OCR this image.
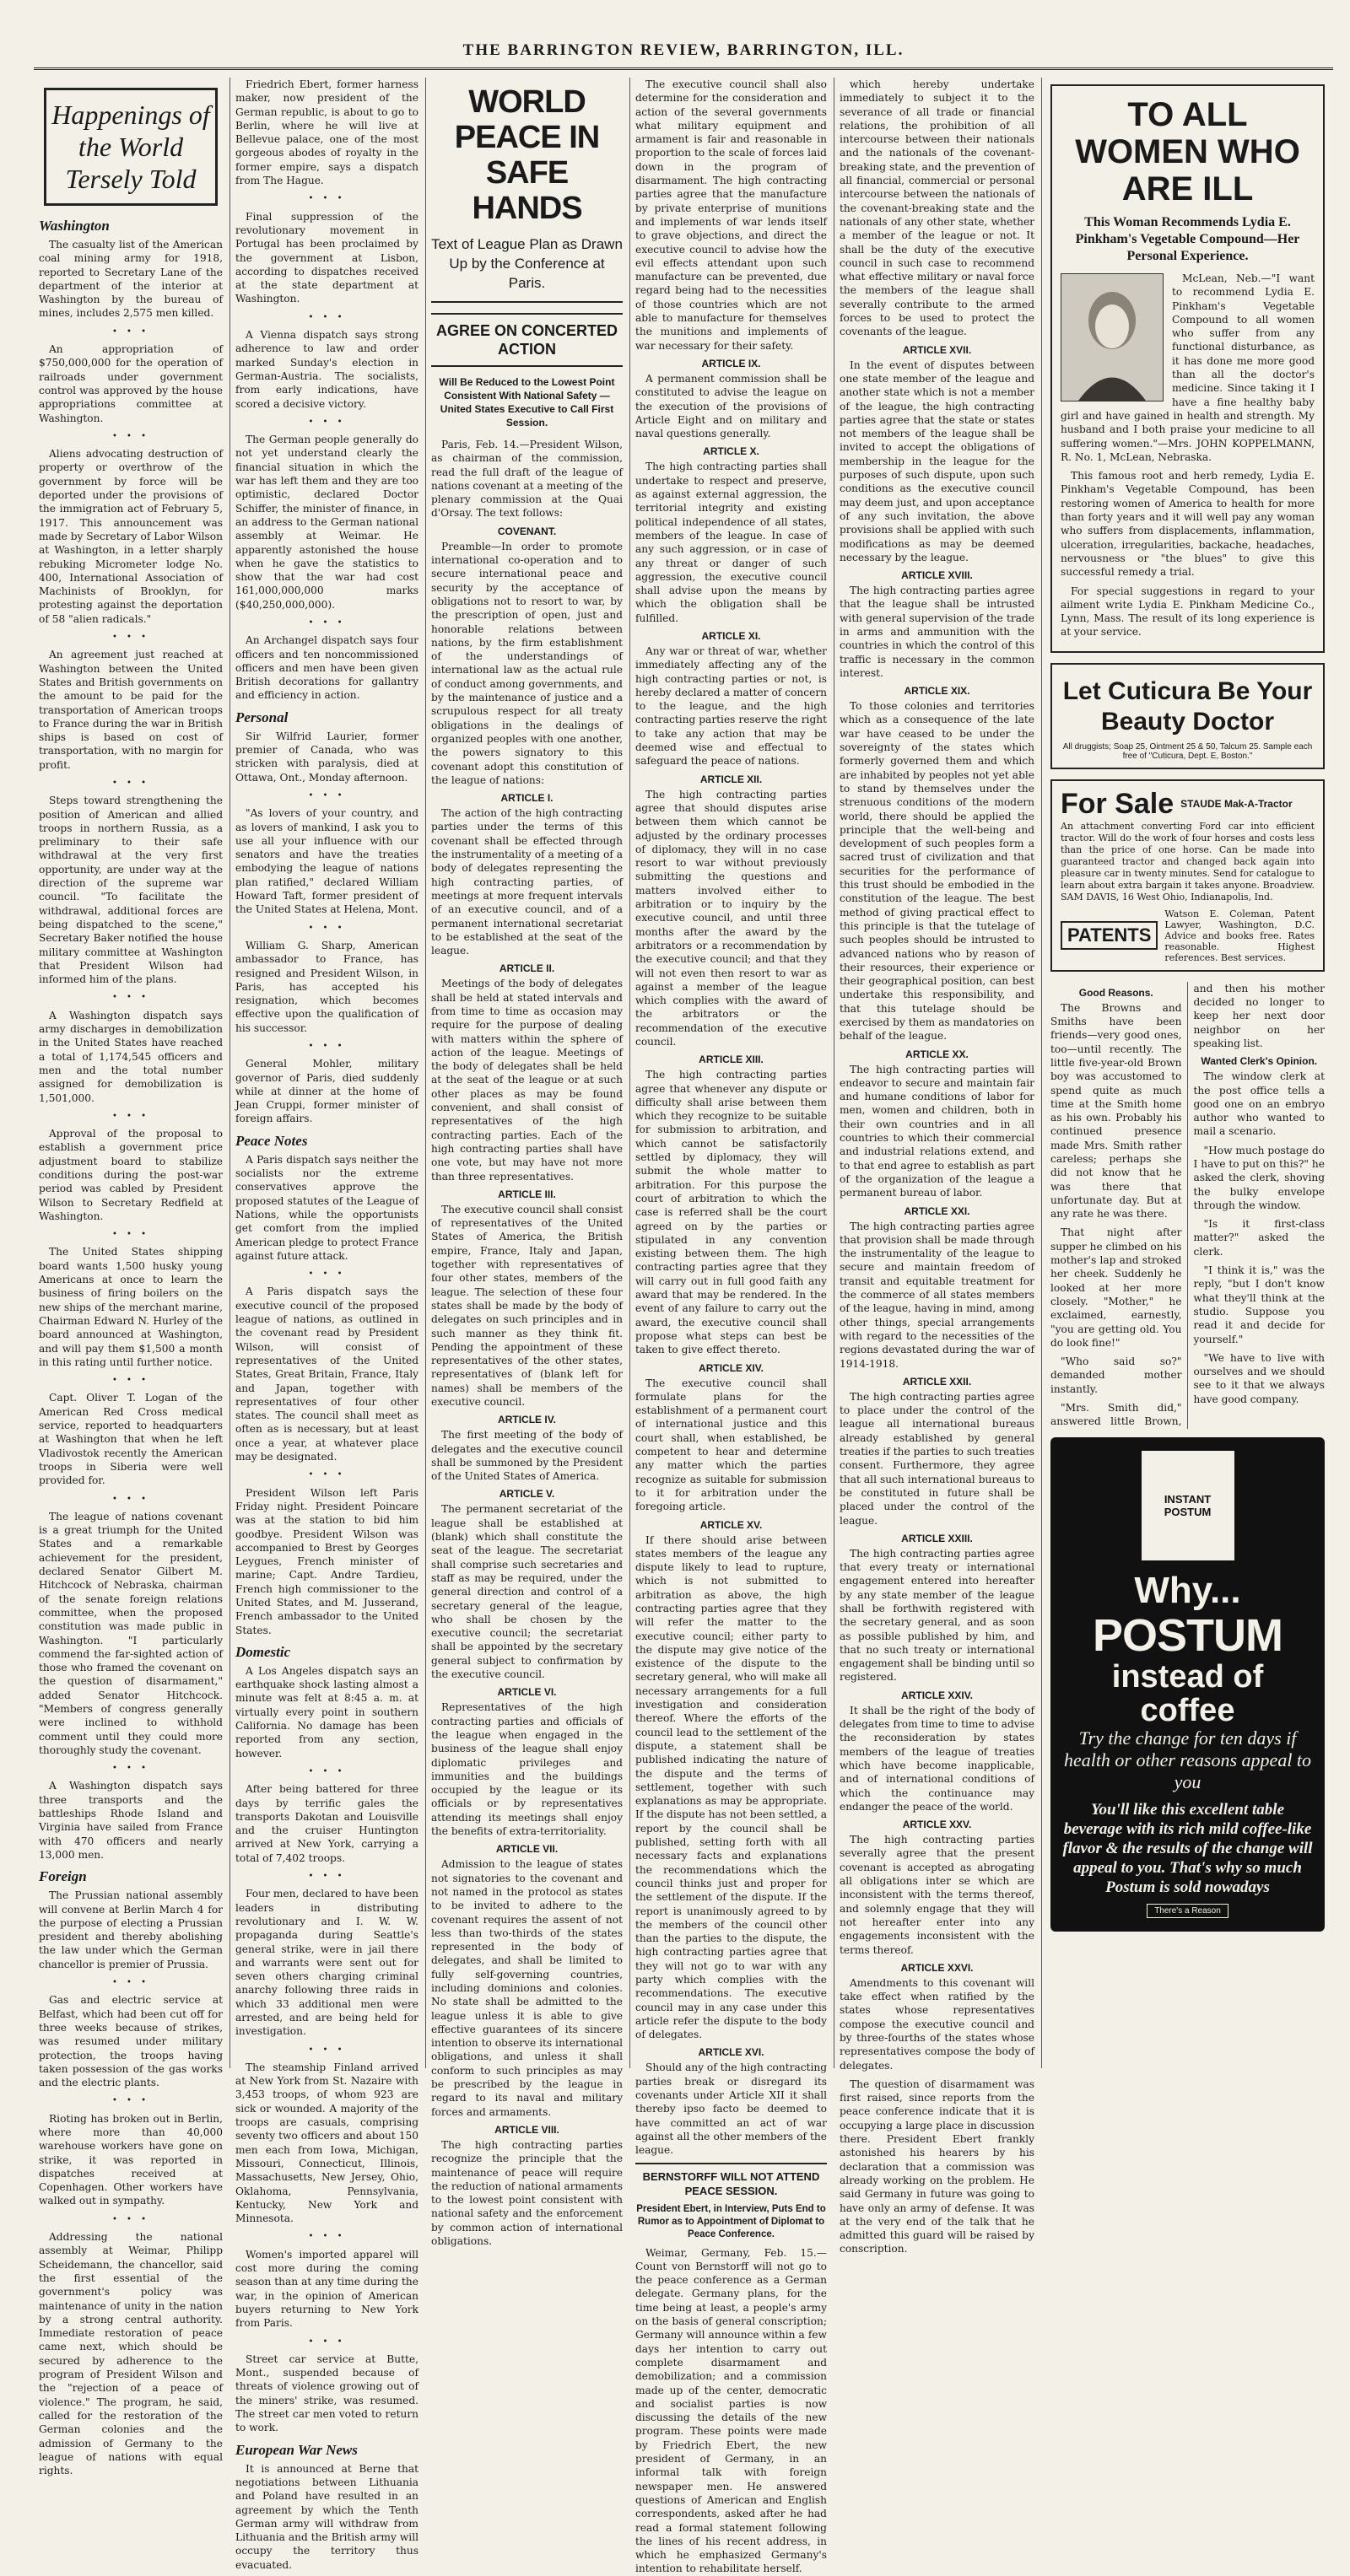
THE BARRINGTON REVIEW, BARRINGTON, ILL.
Happenings of the World Tersely Told
Washington

The casualty list of the American coal mining army for 1918, reported to Secretary Lane of the department of the interior at Washington by the bureau of mines, includes 2,575 men killed.

• • •

An appropriation of $750,000,000 for the operation of railroads under government control was approved by the house appropriations committee at Washington.

• • •

Aliens advocating destruction of property or overthrow of the government by force will be deported under the provisions of the immigration act of February 5, 1917. This announcement was made by Secretary of Labor Wilson at Washington, in a letter sharply rebuking Micrometer lodge No. 400, International Association of Machinists of Brooklyn, for protesting against the deportation of 58 "alien radicals."

• • •

An agreement just reached at Washington between the United States and British governments on the amount to be paid for the transportation of American troops to France during the war in British ships is based on cost of transportation, with no margin for profit.

• • •

Steps toward strengthening the position of American and allied troops in northern Russia, as a preliminary to their safe withdrawal at the very first opportunity, are under way at the direction of the supreme war council. "To facilitate the withdrawal, additional forces are being dispatched to the scene," Secretary Baker notified the house military committee at Washington that President Wilson had informed him of the plans.

• • •

A Washington dispatch says army discharges in demobilization in the United States have reached a total of 1,174,545 officers and men and the total number assigned for demobilization is 1,501,000.

• • •

Approval of the proposal to establish a government price adjustment board to stabilize conditions during the post-war period was cabled by President Wilson to Secretary Redfield at Washington.

• • •

The United States shipping board wants 1,500 husky young Americans at once to learn the business of firing boilers on the new ships of the merchant marine, Chairman Edward N. Hurley of the board announced at Washington, and will pay them $1,500 a month in this rating until further notice.

• • •

Capt. Oliver T. Logan of the American Red Cross medical service, reported to headquarters at Washington that when he left Vladivostok recently the American troops in Siberia were well provided for.

• • •

The league of nations covenant is a great triumph for the United States and a remarkable achievement for the president, declared Senator Gilbert M. Hitchcock of Nebraska, chairman of the senate foreign relations committee, when the proposed constitution was made public in Washington. "I particularly commend the far-sighted action of those who framed the covenant on the question of disarmament," added Senator Hitchcock. "Members of congress generally were inclined to withhold comment until they could more thoroughly study the covenant.

• • •

A Washington dispatch says three transports and the battleships Rhode Island and Virginia have sailed from France with 470 officers and nearly 13,000 men.

Foreign

The Prussian national assembly will convene at Berlin March 4 for the purpose of electing a Prussian president and thereby abolishing the law under which the German chancellor is premier of Prussia.

• • •

Gas and electric service at Belfast, which had been cut off for three weeks because of strikes, was resumed under military protection, the troops having taken possession of the gas works and the electric plants.

• • •

Rioting has broken out in Berlin, where more than 40,000 warehouse workers have gone on strike, it was reported in dispatches received at Copenhagen. Other workers have walked out in sympathy.

• • •

Addressing the national assembly at Weimar, Philipp Scheidemann, the chancellor, said the first essential of the government's policy was maintenance of unity in the nation by a strong central authority. Immediate restoration of peace came next, which should be secured by adherence to the program of President Wilson and the "rejection of a peace of violence." The program, he said, called for the restoration of the German colonies and the admission of Germany to the league of nations with equal rights.

Friedrich Ebert, former harness maker, now president of the German republic, is about to go to Berlin, where he will live at Bellevue palace, one of the most gorgeous abodes of royalty in the former empire, says a dispatch from The Hague.

• • •

Final suppression of the revolutionary movement in Portugal has been proclaimed by the government at Lisbon, according to dispatches received at the state department at Washington.

• • •

A Vienna dispatch says strong adherence to law and order marked Sunday's election in German-Austria. The socialists, from early indications, have scored a decisive victory.

• • •

The German people generally do not yet understand clearly the financial situation in which the war has left them and they are too optimistic, declared Doctor Schiffer, the minister of finance, in an address to the German national assembly at Weimar. He apparently astonished the house when he gave the statistics to show that the war had cost 161,000,000,000 marks ($40,250,000,000).

• • •

An Archangel dispatch says four officers and ten noncommissioned officers and men have been given British decorations for gallantry and efficiency in action.

Personal

Sir Wilfrid Laurier, former premier of Canada, who was stricken with paralysis, died at Ottawa, Ont., Monday afternoon.

• • •

"As lovers of your country, and as lovers of mankind, I ask you to use all your influence with our senators and have the treaties embodying the league of nations plan ratified," declared William Howard Taft, former president of the United States at Helena, Mont.

• • •

William G. Sharp, American ambassador to France, has resigned and President Wilson, in Paris, has accepted his resignation, which becomes effective upon the qualification of his successor.

• • •

General Mohler, military governor of Paris, died suddenly while at dinner at the home of Jean Cruppi, former minister of foreign affairs.

Peace Notes

A Paris dispatch says neither the socialists nor the extreme conservatives approve the proposed statutes of the League of Nations, while the opportunists get comfort from the implied American pledge to protect France against future attack.

• • •

A Paris dispatch says the executive council of the proposed league of nations, as outlined in the covenant read by President Wilson, will consist of representatives of the United States, Great Britain, France, Italy and Japan, together with representatives of four other states. The council shall meet as often as is necessary, but at least once a year, at whatever place may be designated.

• • •

President Wilson left Paris Friday night. President Poincare was at the station to bid him goodbye. President Wilson was accompanied to Brest by Georges Leygues, French minister of marine; Capt. Andre Tardieu, French high commissioner to the United States, and M. Jusserand, French ambassador to the United States.

Domestic

A Los Angeles dispatch says an earthquake shock lasting almost a minute was felt at 8:45 a. m. at virtually every point in southern California. No damage has been reported from any section, however.

• • •

After being battered for three days by terrific gales the transports Dakotan and Louisville and the cruiser Huntington arrived at New York, carrying a total of 7,402 troops.

• • •

Four men, declared to have been leaders in distributing revolutionary and I. W. W. propaganda during Seattle's general strike, were in jail there and warrants were sent out for seven others charging criminal anarchy following three raids in which 33 additional men were arrested, and are being held for investigation.

• • •

The steamship Finland arrived at New York from St. Nazaire with 3,453 troops, of whom 923 are sick or wounded. A majority of the troops are casuals, comprising seventy two officers and about 150 men each from Iowa, Michigan, Missouri, Connecticut, Illinois, Massachusetts, New Jersey, Ohio, Oklahoma, Pennsylvania, Kentucky, New York and Minnesota.

• • •

Women's imported apparel will cost more during the coming season than at any time during the war, in the opinion of American buyers returning to New York from Paris.

• • •

Street car service at Butte, Mont., suspended because of threats of violence growing out of the miners' strike, was resumed. The street car men voted to return to work.

European War News

It is announced at Berne that negotiations between Lithuania and Poland have resulted in an agreement by which the Tenth German army will withdraw from Lithuania and the British army will occupy the territory thus evacuated.

WORLD PEACE IN SAFE HANDS
Text of League Plan as Drawn Up by the Conference at Paris.
AGREE ON CONCERTED ACTION
Will Be Reduced to the Lowest Point Consistent With National Safety —United States Executive to Call First Session.

Paris, Feb. 14.—President Wilson, as chairman of the commission, read the full draft of the league of nations covenant at a meeting of the plenary commission at the Quai d'Orsay. The text follows:

COVENANT.

Preamble—In order to promote international co-operation and to secure international peace and security by the acceptance of obligations not to resort to war, by the prescription of open, just and honorable relations between nations, by the firm establishment of the understandings of international law as the actual rule of conduct among governments, and by the maintenance of justice and a scrupulous respect for all treaty obligations in the dealings of organized peoples with one another, the powers signatory to this covenant adopt this constitution of the league of nations:

ARTICLE I.

The action of the high contracting parties under the terms of this covenant shall be effected through the instrumentality of a meeting of a body of delegates representing the high contracting parties, of meetings at more frequent intervals of an executive council, and of a permanent international secretariat to be established at the seat of the league.

ARTICLE II.

Meetings of the body of delegates shall be held at stated intervals and from time to time as occasion may require for the purpose of dealing with matters within the sphere of action of the league. Meetings of the body of delegates shall be held at the seat of the league or at such other places as may be found convenient, and shall consist of representatives of the high contracting parties. Each of the high contracting parties shall have one vote, but may have not more than three representatives.

ARTICLE III.

The executive council shall consist of representatives of the United States of America, the British empire, France, Italy and Japan, together with representatives of four other states, members of the league. The selection of these four states shall be made by the body of delegates on such principles and in such manner as they think fit. Pending the appointment of these representatives of the other states, representatives of (blank left for names) shall be members of the executive council.

ARTICLE IV.

The first meeting of the body of delegates and the executive council shall be summoned by the President of the United States of America.

ARTICLE V.

The permanent secretariat of the league shall be established at (blank) which shall constitute the seat of the league. The secretariat shall comprise such secretaries and staff as may be required, under the general direction and control of a secretary general of the league, who shall be chosen by the executive council; the secretariat shall be appointed by the secretary general subject to confirmation by the executive council.

ARTICLE VI.

Representatives of the high contracting parties and officials of the league when engaged in the business of the league shall enjoy diplomatic privileges and immunities and the buildings occupied by the league or its officials or by representatives attending its meetings shall enjoy the benefits of extra-territoriality.

ARTICLE VII.

Admission to the league of states not signatories to the covenant and not named in the protocol as states to be invited to adhere to the covenant requires the assent of not less than two-thirds of the states represented in the body of delegates, and shall be limited to fully self-governing countries, including dominions and colonies. No state shall be admitted to the league unless it is able to give effective guarantees of its sincere intention to observe its international obligations, and unless it shall conform to such principles as may be prescribed by the league in regard to its naval and military forces and armaments.

ARTICLE VIII.

The high contracting parties recognize the principle that the maintenance of peace will require the reduction of national armaments to the lowest point consistent with national safety and the enforcement by common action of international obligations.

The executive council shall also determine for the consideration and action of the several governments what military equipment and armament is fair and reasonable in proportion to the scale of forces laid down in the program of disarmament. The high contracting parties agree that the manufacture by private enterprise of munitions and implements of war lends itself to grave objections, and direct the executive council to advise how the evil effects attendant upon such manufacture can be prevented, due regard being had to the necessities of those countries which are not able to manufacture for themselves the munitions and implements of war necessary for their safety.

ARTICLE IX.

A permanent commission shall be constituted to advise the league on the execution of the provisions of Article Eight and on military and naval questions generally.

ARTICLE X.

The high contracting parties shall undertake to respect and preserve, as against external aggression, the territorial integrity and existing political independence of all states, members of the league. In case of any such aggression, or in case of any threat or danger of such aggression, the executive council shall advise upon the means by which the obligation shall be fulfilled.

ARTICLE XI.

Any war or threat of war, whether immediately affecting any of the high contracting parties or not, is hereby declared a matter of concern to the league, and the high contracting parties reserve the right to take any action that may be deemed wise and effectual to safeguard the peace of nations.

ARTICLE XII.

The high contracting parties agree that should disputes arise between them which cannot be adjusted by the ordinary processes of diplomacy, they will in no case resort to war without previously submitting the questions and matters involved either to arbitration or to inquiry by the executive council, and until three months after the award by the arbitrators or a recommendation by the executive council; and that they will not even then resort to war as against a member of the league which complies with the award of the arbitrators or the recommendation of the executive council.

ARTICLE XIII.

The high contracting parties agree that whenever any dispute or difficulty shall arise between them which they recognize to be suitable for submission to arbitration, and which cannot be satisfactorily settled by diplomacy, they will submit the whole matter to arbitration. For this purpose the court of arbitration to which the case is referred shall be the court agreed on by the parties or stipulated in any convention existing between them. The high contracting parties agree that they will carry out in full good faith any award that may be rendered. In the event of any failure to carry out the award, the executive council shall propose what steps can best be taken to give effect thereto.

ARTICLE XIV.

The executive council shall formulate plans for the establishment of a permanent court of international justice and this court shall, when established, be competent to hear and determine any matter which the parties recognize as suitable for submission to it for arbitration under the foregoing article.

ARTICLE XV.

If there should arise between states members of the league any dispute likely to lead to rupture, which is not submitted to arbitration as above, the high contracting parties agree that they will refer the matter to the executive council; either party to the dispute may give notice of the existence of the dispute to the secretary general, who will make all necessary arrangements for a full investigation and consideration thereof. Where the efforts of the council lead to the settlement of the dispute, a statement shall be published indicating the nature of the dispute and the terms of settlement, together with such explanations as may be appropriate. If the dispute has not been settled, a report by the council shall be published, setting forth with all necessary facts and explanations the recommendations which the council thinks just and proper for the settlement of the dispute. If the report is unanimously agreed to by the members of the council other than the parties to the dispute, the high contracting parties agree that they will not go to war with any party which complies with the recommendations. The executive council may in any case under this article refer the dispute to the body of delegates.

ARTICLE XVI.

Should any of the high contracting parties break or disregard its covenants under Article XII it shall thereby ipso facto be deemed to have committed an act of war against all the other members of the league.

BERNSTORFF WILL NOT ATTEND PEACE SESSION.
President Ebert, in Interview, Puts End to Rumor as to Appointment of Diplomat to Peace Conference.

Weimar, Germany, Feb. 15.—Count von Bernstorff will not go to the peace conference as a German delegate. Germany plans, for the time being at least, a people's army on the basis of general conscription; Germany will announce within a few days her intention to carry out complete disarmament and demobilization; and a commission made up of the center, democratic and socialist parties is now discussing the details of the new program. These points were made by Friedrich Ebert, the new president of Germany, in an informal talk with foreign newspaper men. He answered questions of American and English correspondents, asked after he had read a formal statement following the lines of his recent address, in which he emphasized Germany's intention to rehabilitate herself.

which hereby undertake immediately to subject it to the severance of all trade or financial relations, the prohibition of all intercourse between their nationals and the nationals of the covenant-breaking state, and the prevention of all financial, commercial or personal intercourse between the nationals of the covenant-breaking state and the nationals of any other state, whether a member of the league or not. It shall be the duty of the executive council in such case to recommend what effective military or naval force the members of the league shall severally contribute to the armed forces to be used to protect the covenants of the league.

ARTICLE XVII.

In the event of disputes between one state member of the league and another state which is not a member of the league, the high contracting parties agree that the state or states not members of the league shall be invited to accept the obligations of membership in the league for the purposes of such dispute, upon such conditions as the executive council may deem just, and upon acceptance of any such invitation, the above provisions shall be applied with such modifications as may be deemed necessary by the league.

ARTICLE XVIII.

The high contracting parties agree that the league shall be intrusted with general supervision of the trade in arms and ammunition with the countries in which the control of this traffic is necessary in the common interest.

ARTICLE XIX.

To those colonies and territories which as a consequence of the late war have ceased to be under the sovereignty of the states which formerly governed them and which are inhabited by peoples not yet able to stand by themselves under the strenuous conditions of the modern world, there should be applied the principle that the well-being and development of such peoples form a sacred trust of civilization and that securities for the performance of this trust should be embodied in the constitution of the league. The best method of giving practical effect to this principle is that the tutelage of such peoples should be intrusted to advanced nations who by reason of their resources, their experience or their geographical position, can best undertake this responsibility, and that this tutelage should be exercised by them as mandatories on behalf of the league.

ARTICLE XX.

The high contracting parties will endeavor to secure and maintain fair and humane conditions of labor for men, women and children, both in their own countries and in all countries to which their commercial and industrial relations extend, and to that end agree to establish as part of the organization of the league a permanent bureau of labor.

ARTICLE XXI.

The high contracting parties agree that provision shall be made through the instrumentality of the league to secure and maintain freedom of transit and equitable treatment for the commerce of all states members of the league, having in mind, among other things, special arrangements with regard to the necessities of the regions devastated during the war of 1914-1918.

ARTICLE XXII.

The high contracting parties agree to place under the control of the league all international bureaus already established by general treaties if the parties to such treaties consent. Furthermore, they agree that all such international bureaus to be constituted in future shall be placed under the control of the league.

ARTICLE XXIII.

The high contracting parties agree that every treaty or international engagement entered into hereafter by any state member of the league shall be forthwith registered with the secretary general, and as soon as possible published by him, and that no such treaty or international engagement shall be binding until so registered.

ARTICLE XXIV.

It shall be the right of the body of delegates from time to time to advise the reconsideration by states members of the league of treaties which have become inapplicable, and of international conditions of which the continuance may endanger the peace of the world.

ARTICLE XXV.

The high contracting parties severally agree that the present covenant is accepted as abrogating all obligations inter se which are inconsistent with the terms thereof, and solemnly engage that they will not hereafter enter into any engagements inconsistent with the terms thereof.

ARTICLE XXVI.

Amendments to this covenant will take effect when ratified by the states whose representatives compose the executive council and by three-fourths of the states whose representatives compose the body of delegates.

The question of disarmament was first raised, since reports from the peace conference indicate that it is occupying a large place in discussion there. President Ebert frankly astonished his hearers by his declaration that a commission was already working on the problem. He said Germany in future was going to have only an army of defense. It was at the very end of the talk that he admitted this guard will be raised by conscription.

TO ALL WOMEN WHO ARE ILL
This Woman Recommends Lydia E. Pinkham's Vegetable Compound—Her Personal Experience.

McLean, Neb.—"I want to recommend Lydia E. Pinkham's Vegetable Compound to all women who suffer from any functional disturbance, as it has done me more good than all the doctor's medicine. Since taking it I have a fine healthy baby girl and have gained in health and strength. My husband and I both praise your medicine to all suffering women."—Mrs. JOHN KOPPELMANN, R. No. 1, McLean, Nebraska.

This famous root and herb remedy, Lydia E. Pinkham's Vegetable Compound, has been restoring women of America to health for more than forty years and it will well pay any woman who suffers from displacements, inflammation, ulceration, irregularities, backache, headaches, nervousness or "the blues" to give this successful remedy a trial.

For special suggestions in regard to your ailment write Lydia E. Pinkham Medicine Co., Lynn, Mass. The result of its long experience is at your service.

Let Cuticura Be Your Beauty Doctor
All druggists; Soap 25, Ointment 25 & 50, Talcum 25. Sample each free of "Cuticura, Dept. E, Boston."
For Sale STAUDE Mak-A-Tractor

An attachment converting Ford car into efficient tractor. Will do the work of four horses and costs less than the price of one horse. Can be made into guaranteed tractor and changed back again into pleasure car in twenty minutes. Send for catalogue to learn about extra bargain it takes anyone. Broadview. SAM DAVIS, 16 West Ohio, Indianapolis, Ind.

PATENTS
Watson E. Coleman, Patent Lawyer, Washington, D.C. Advice and books free. Rates reasonable. Highest references. Best services.
Good Reasons.

The Browns and Smiths have been friends—very good ones, too—until recently. The little five-year-old Brown boy was accustomed to spend quite as much time at the Smith home as his own. Probably his continued presence made Mrs. Smith rather careless; perhaps she did not know that he was there that unfortunate day. But at any rate he was there.

That night after supper he climbed on his mother's lap and stroked her cheek. Suddenly he looked at her more closely. "Mother," he exclaimed, earnestly, "you are getting old. You do look fine!"

"Who said so?" demanded mother instantly.

"Mrs. Smith did," answered little Brown, and then his mother decided no longer to keep her next door neighbor on her speaking list.

Wanted Clerk's Opinion.

The window clerk at the post office tells a good one on an embryo author who wanted to mail a scenario.

"How much postage do I have to put on this?" he asked the clerk, shoving the bulky envelope through the window.

"Is it first-class matter?" asked the clerk.

"I think it is," was the reply, "but I don't know what they'll think at the studio. Suppose you read it and decide for yourself."

"We have to live with ourselves and we should see to it that we always have good company.

INSTANT POSTUM
Why...
POSTUM
instead of coffee
Try the change for ten days if health or other reasons appeal to you
You'll like this excellent table beverage with its rich mild coffee-like flavor & the results of the change will appeal to you. That's why so much Postum is sold nowadays
There's a Reason
